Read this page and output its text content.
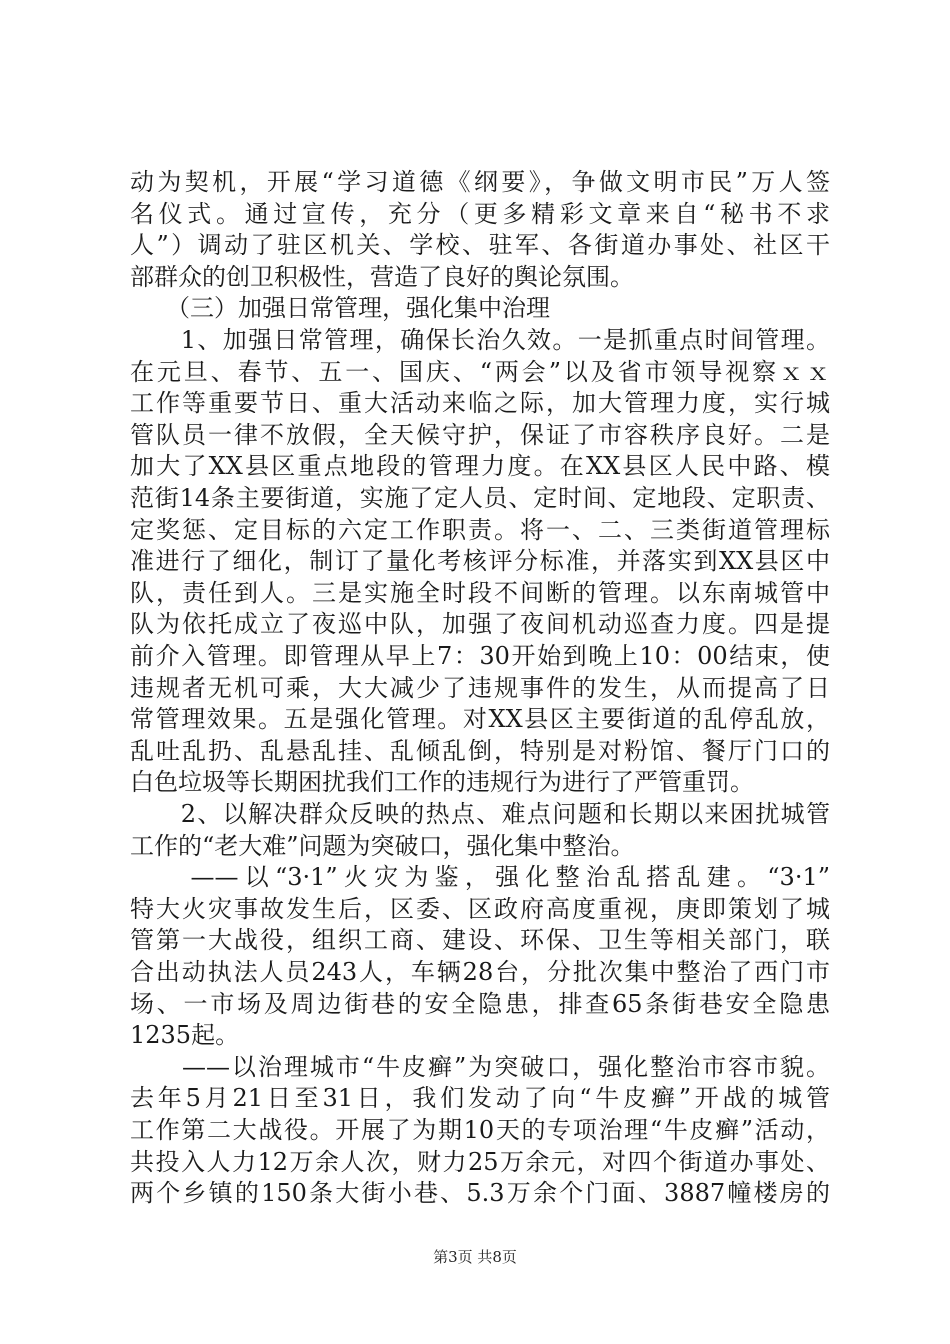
动为契机，开展“学习道德《纲要》，争做文明市民”万人签
名仪式。通过宣传，充分（更多精彩文章来自“秘书不求
人”）调动了驻区机关、学校、驻军、各街道办事处、社区干
部群众的创卫积极性，营造了良好的舆论氛围。
　　（三）加强日常管理，强化集中治理
　　1、加强日常管理，确保长治久效。一是抓重点时间管理。
在元旦、春节、五一、国庆、“两会”以及省市领导视察ｘｘ
工作等重要节日、重大活动来临之际，加大管理力度，实行城
管队员一律不放假，全天候守护，保证了市容秩序良好。二是
加大了XX县区重点地段的管理力度。在XX县区人民中路、模
范街14条主要街道，实施了定人员、定时间、定地段、定职责、
定奖惩、定目标的六定工作职责。将一、二、三类街道管理标
准进行了细化，制订了量化考核评分标准，并落实到XX县区中
队，责任到人。三是实施全时段不间断的管理。以东南城管中
队为依托成立了夜巡中队，加强了夜间机动巡查力度。四是提
前介入管理。即管理从早上7：30开始到晚上10：00结束，使
违规者无机可乘，大大减少了违规事件的发生，从而提高了日
常管理效果。五是强化管理。对XX县区主要街道的乱停乱放，
乱吐乱扔、乱悬乱挂、乱倾乱倒，特别是对粉馆、餐厅门口的
白色垃圾等长期困扰我们工作的违规行为进行了严管重罚。
　　2、以解决群众反映的热点、难点问题和长期以来困扰城管
工作的“老大难”问题为突破口，强化集中整治。
　　——以“3·1”火灾为鉴，强化整治乱搭乱建。“3·1”
特大火灾事故发生后，区委、区政府高度重视，庚即策划了城
管第一大战役，组织工商、建设、环保、卫生等相关部门，联
合出动执法人员243人，车辆28台，分批次集中整治了西门市
场、一市场及周边街巷的安全隐患，排查65条街巷安全隐患
1235起。
　　——以治理城市“牛皮癣”为突破口，强化整治市容市貌。
去年5月21日至31日，我们发动了向“牛皮癣”开战的城管
工作第二大战役。开展了为期10天的专项治理“牛皮癣”活动，
共投入人力12万余人次，财力25万余元，对四个街道办事处、
两个乡镇的150条大街小巷、5.3万余个门面、3887幢楼房的
第3页 共8页
